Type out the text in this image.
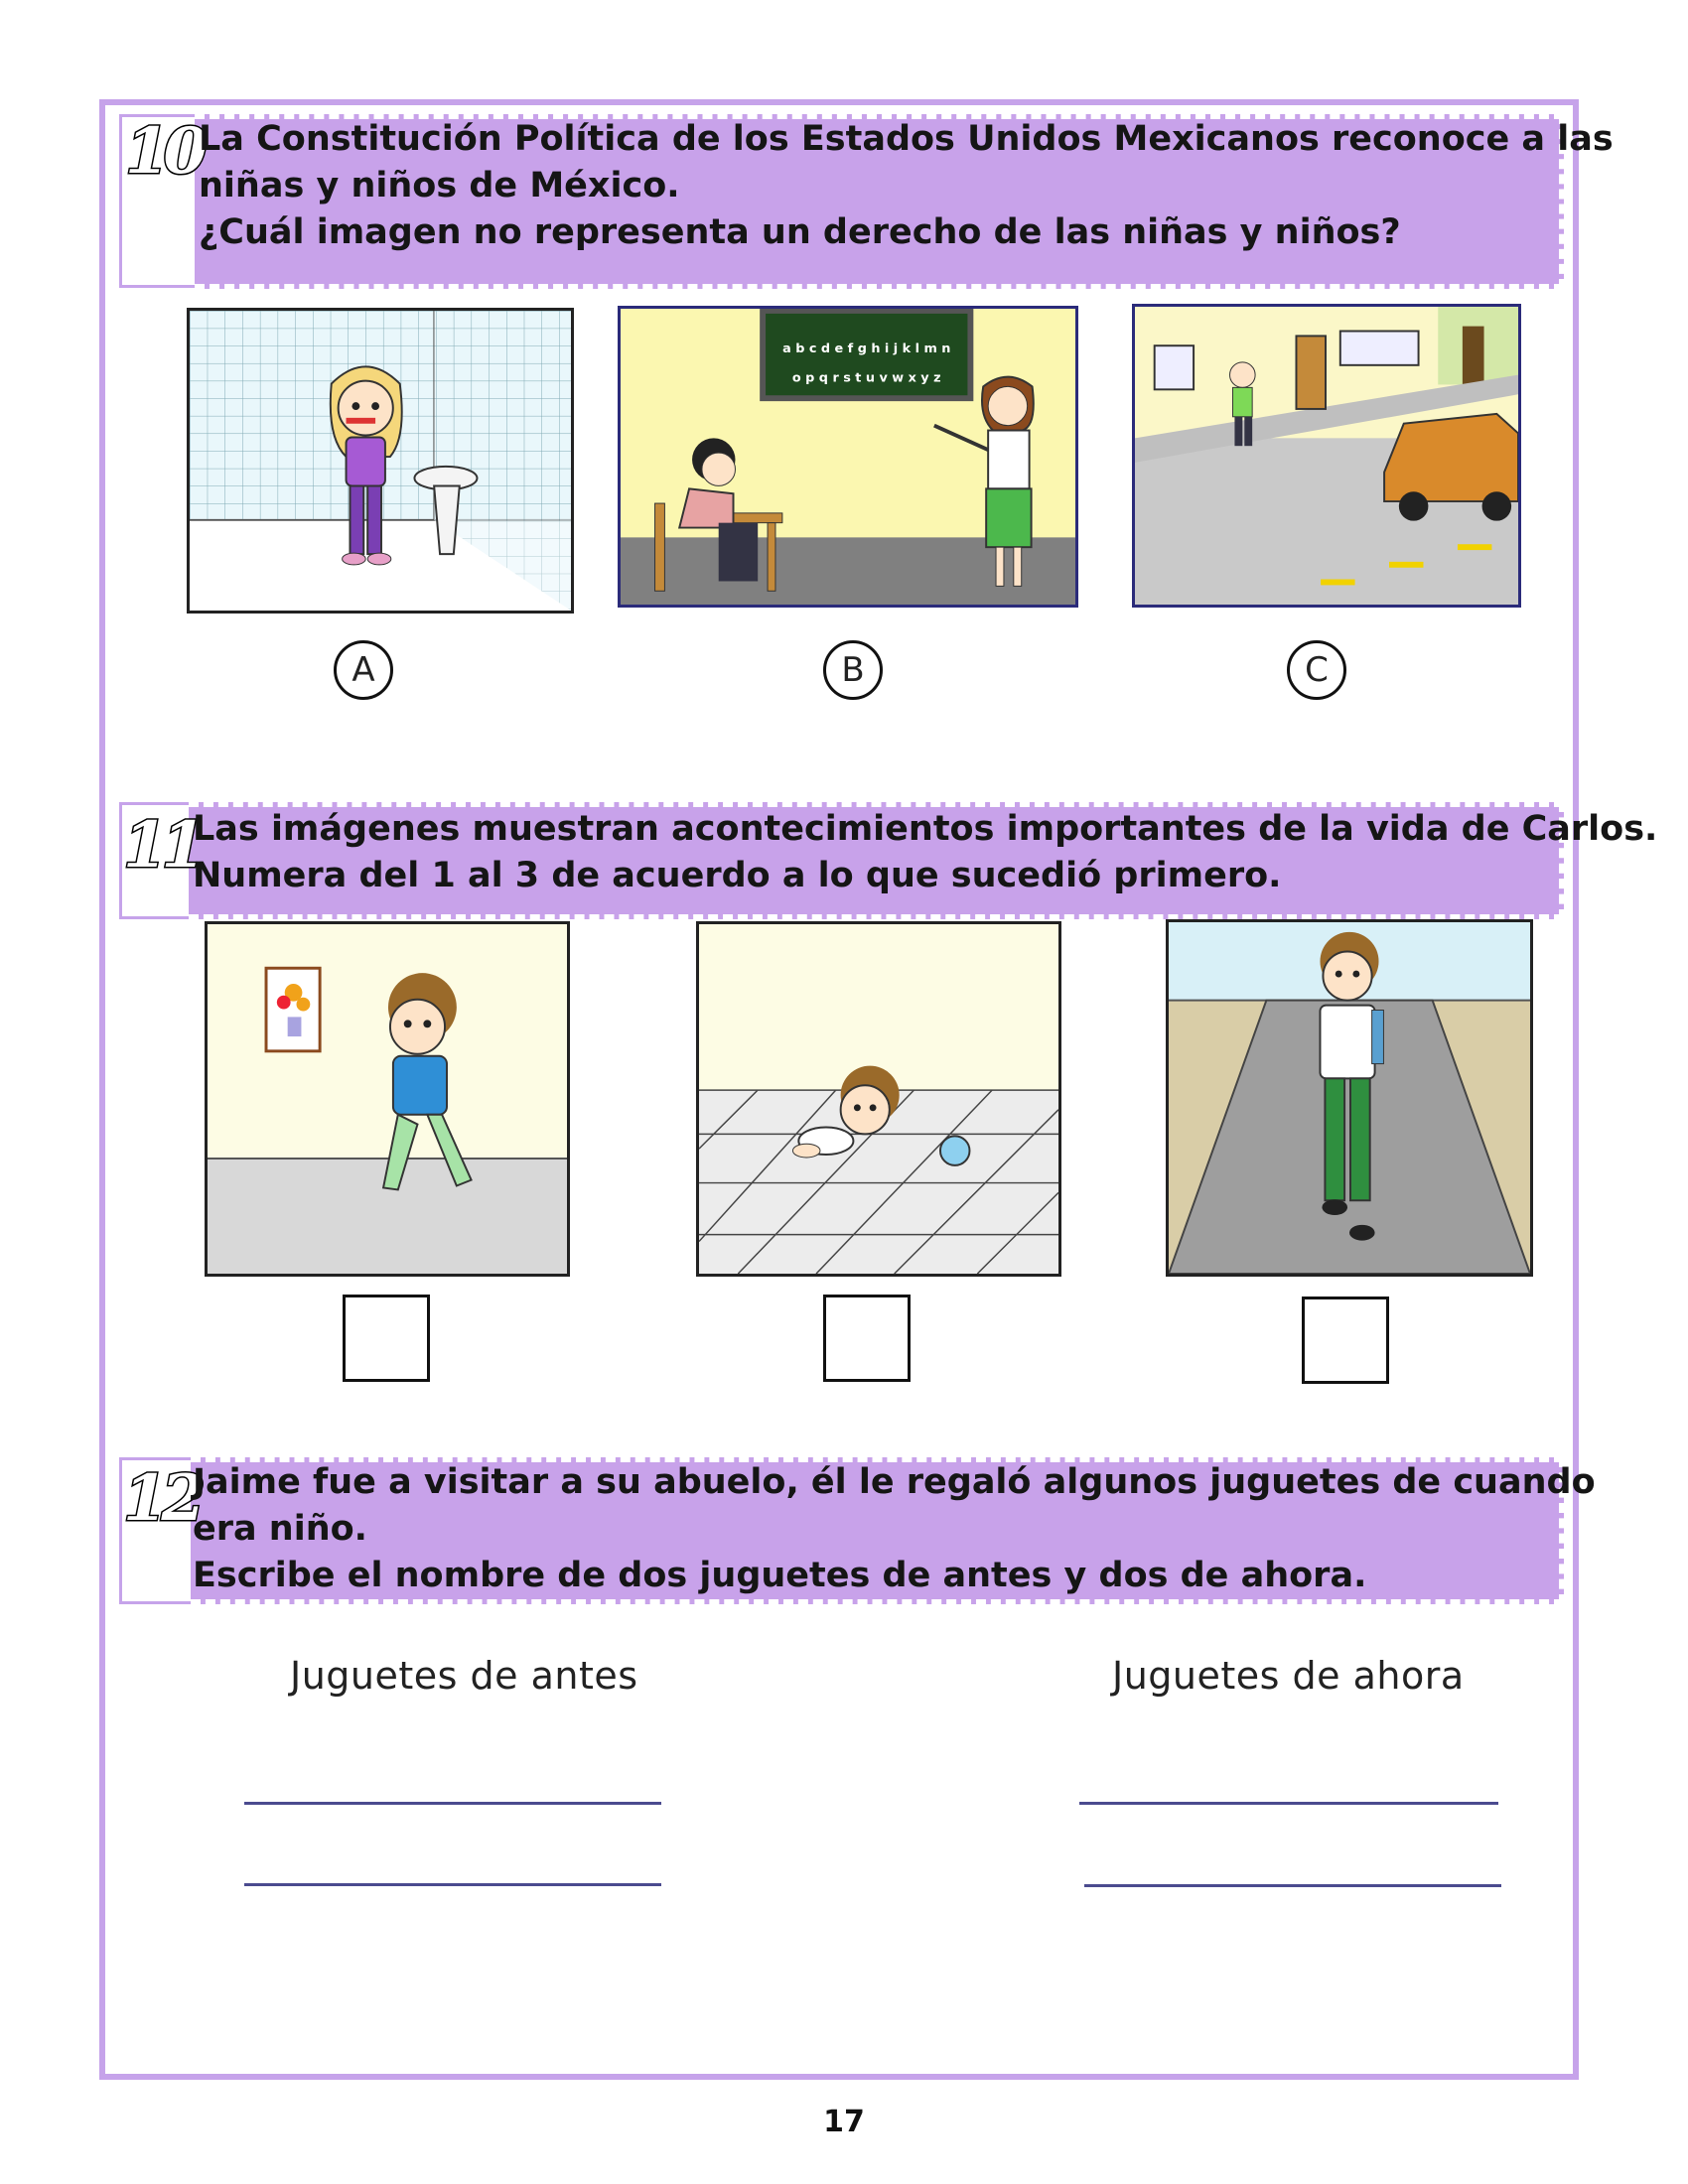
10
La Constitución Política de los Estados Unidos Mexicanos reconoce a las
niñas y niños de México.
¿Cuál imagen no representa un derecho de las niñas y niños?
a b c d e f g h i j k l m n
o p q r s t u v w x y z
A	B	C
11
Las imágenes muestran acontecimientos importantes de la vida de Carlos.
Numera del 1 al 3 de acuerdo a lo que sucedió primero.
12
Jaime fue a visitar a su abuelo, él le regaló algunos juguetes de cuando
era niño.
Escribe el nombre de dos juguetes de antes y dos de ahora.
Juguetes de antes	Juguetes de ahora
17
